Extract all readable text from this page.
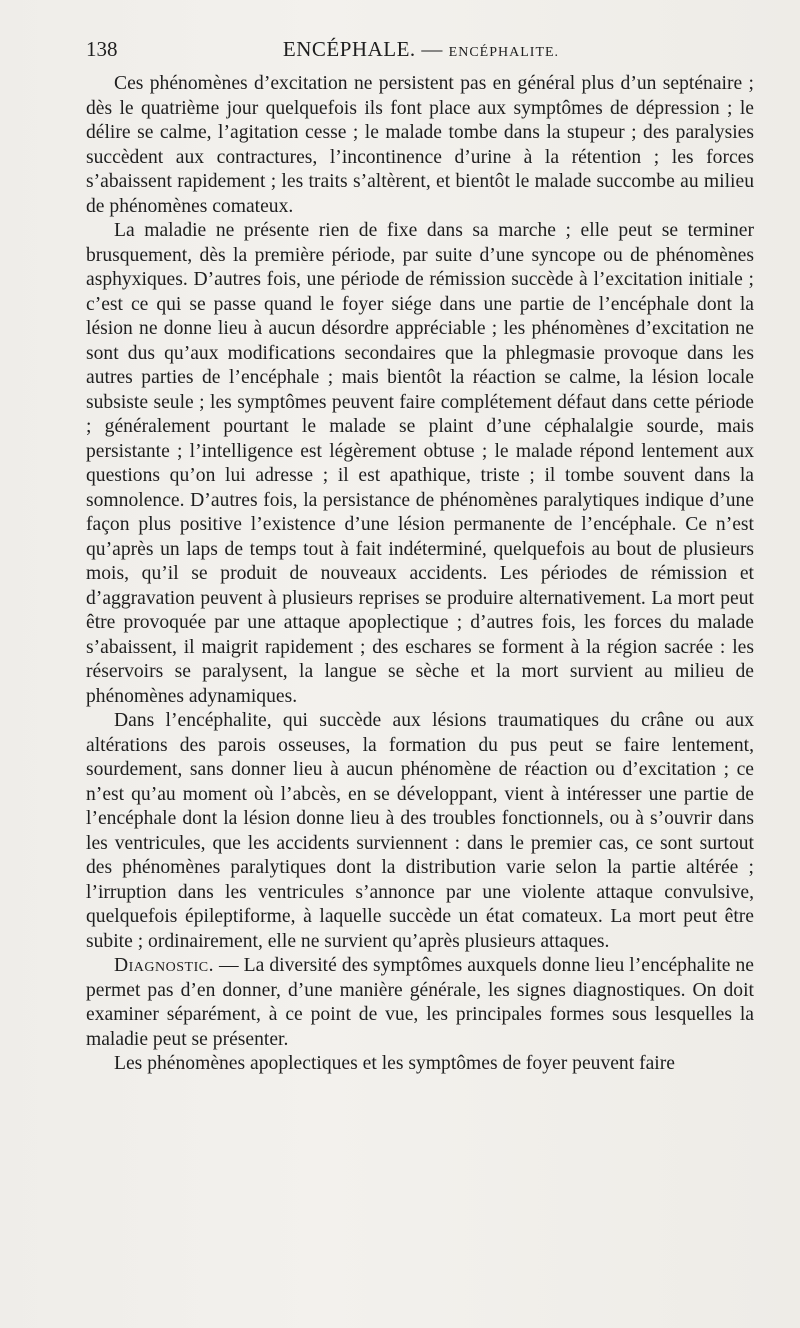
138	ENCÉPHALE. — ENCÉPHALITE.

Ces phénomènes d’excitation ne persistent pas en général plus d’un septénaire ; dès le quatrième jour quelquefois ils font place aux symptômes de dépression ; le délire se calme, l’agitation cesse ; le malade tombe dans la stupeur ; des paralysies succèdent aux contractures, l’incontinence d’urine à la rétention ; les forces s’abaissent rapidement ; les traits s’altèrent, et bientôt le malade succombe au milieu de phénomènes comateux.

La maladie ne présente rien de fixe dans sa marche ; elle peut se terminer brusquement, dès la première période, par suite d’une syncope ou de phénomènes asphyxiques. D’autres fois, une période de rémission succède à l’excitation initiale ; c’est ce qui se passe quand le foyer siége dans une partie de l’encéphale dont la lésion ne donne lieu à aucun désordre appréciable ; les phénomènes d’excitation ne sont dus qu’aux modifications secondaires que la phlegmasie provoque dans les autres parties de l’encéphale ; mais bientôt la réaction se calme, la lésion locale subsiste seule ; les symptômes peuvent faire complétement défaut dans cette période ; généralement pourtant le malade se plaint d’une céphalalgie sourde, mais persistante ; l’intelligence est légèrement obtuse ; le malade répond lentement aux questions qu’on lui adresse ; il est apathique, triste ; il tombe souvent dans la somnolence. D’autres fois, la persistance de phénomènes paralytiques indique d’une façon plus positive l’existence d’une lésion permanente de l’encéphale. Ce n’est qu’après un laps de temps tout à fait indéterminé, quelquefois au bout de plusieurs mois, qu’il se produit de nouveaux accidents. Les périodes de rémission et d’aggravation peuvent à plusieurs reprises se produire alternativement. La mort peut être provoquée par une attaque apoplectique ; d’autres fois, les forces du malade s’abaissent, il maigrit rapidement ; des eschares se forment à la région sacrée : les réservoirs se paralysent, la langue se sèche et la mort survient au milieu de phénomènes adynamiques.

Dans l’encéphalite, qui succède aux lésions traumatiques du crâne ou aux altérations des parois osseuses, la formation du pus peut se faire lentement, sourdement, sans donner lieu à aucun phénomène de réaction ou d’excitation ; ce n’est qu’au moment où l’abcès, en se développant, vient à intéresser une partie de l’encéphale dont la lésion donne lieu à des troubles fonctionnels, ou à s’ouvrir dans les ventricules, que les accidents surviennent : dans le premier cas, ce sont surtout des phénomènes paralytiques dont la distribution varie selon la partie altérée ; l’irruption dans les ventricules s’annonce par une violente attaque convulsive, quelquefois épileptiforme, à laquelle succède un état comateux. La mort peut être subite ; ordinairement, elle ne survient qu’après plusieurs attaques.

Diagnostic. — La diversité des symptômes auxquels donne lieu l’encéphalite ne permet pas d’en donner, d’une manière générale, les signes diagnostiques. On doit examiner séparément, à ce point de vue, les principales formes sous lesquelles la maladie peut se présenter.

Les phénomènes apoplectiques et les symptômes de foyer peuvent faire
